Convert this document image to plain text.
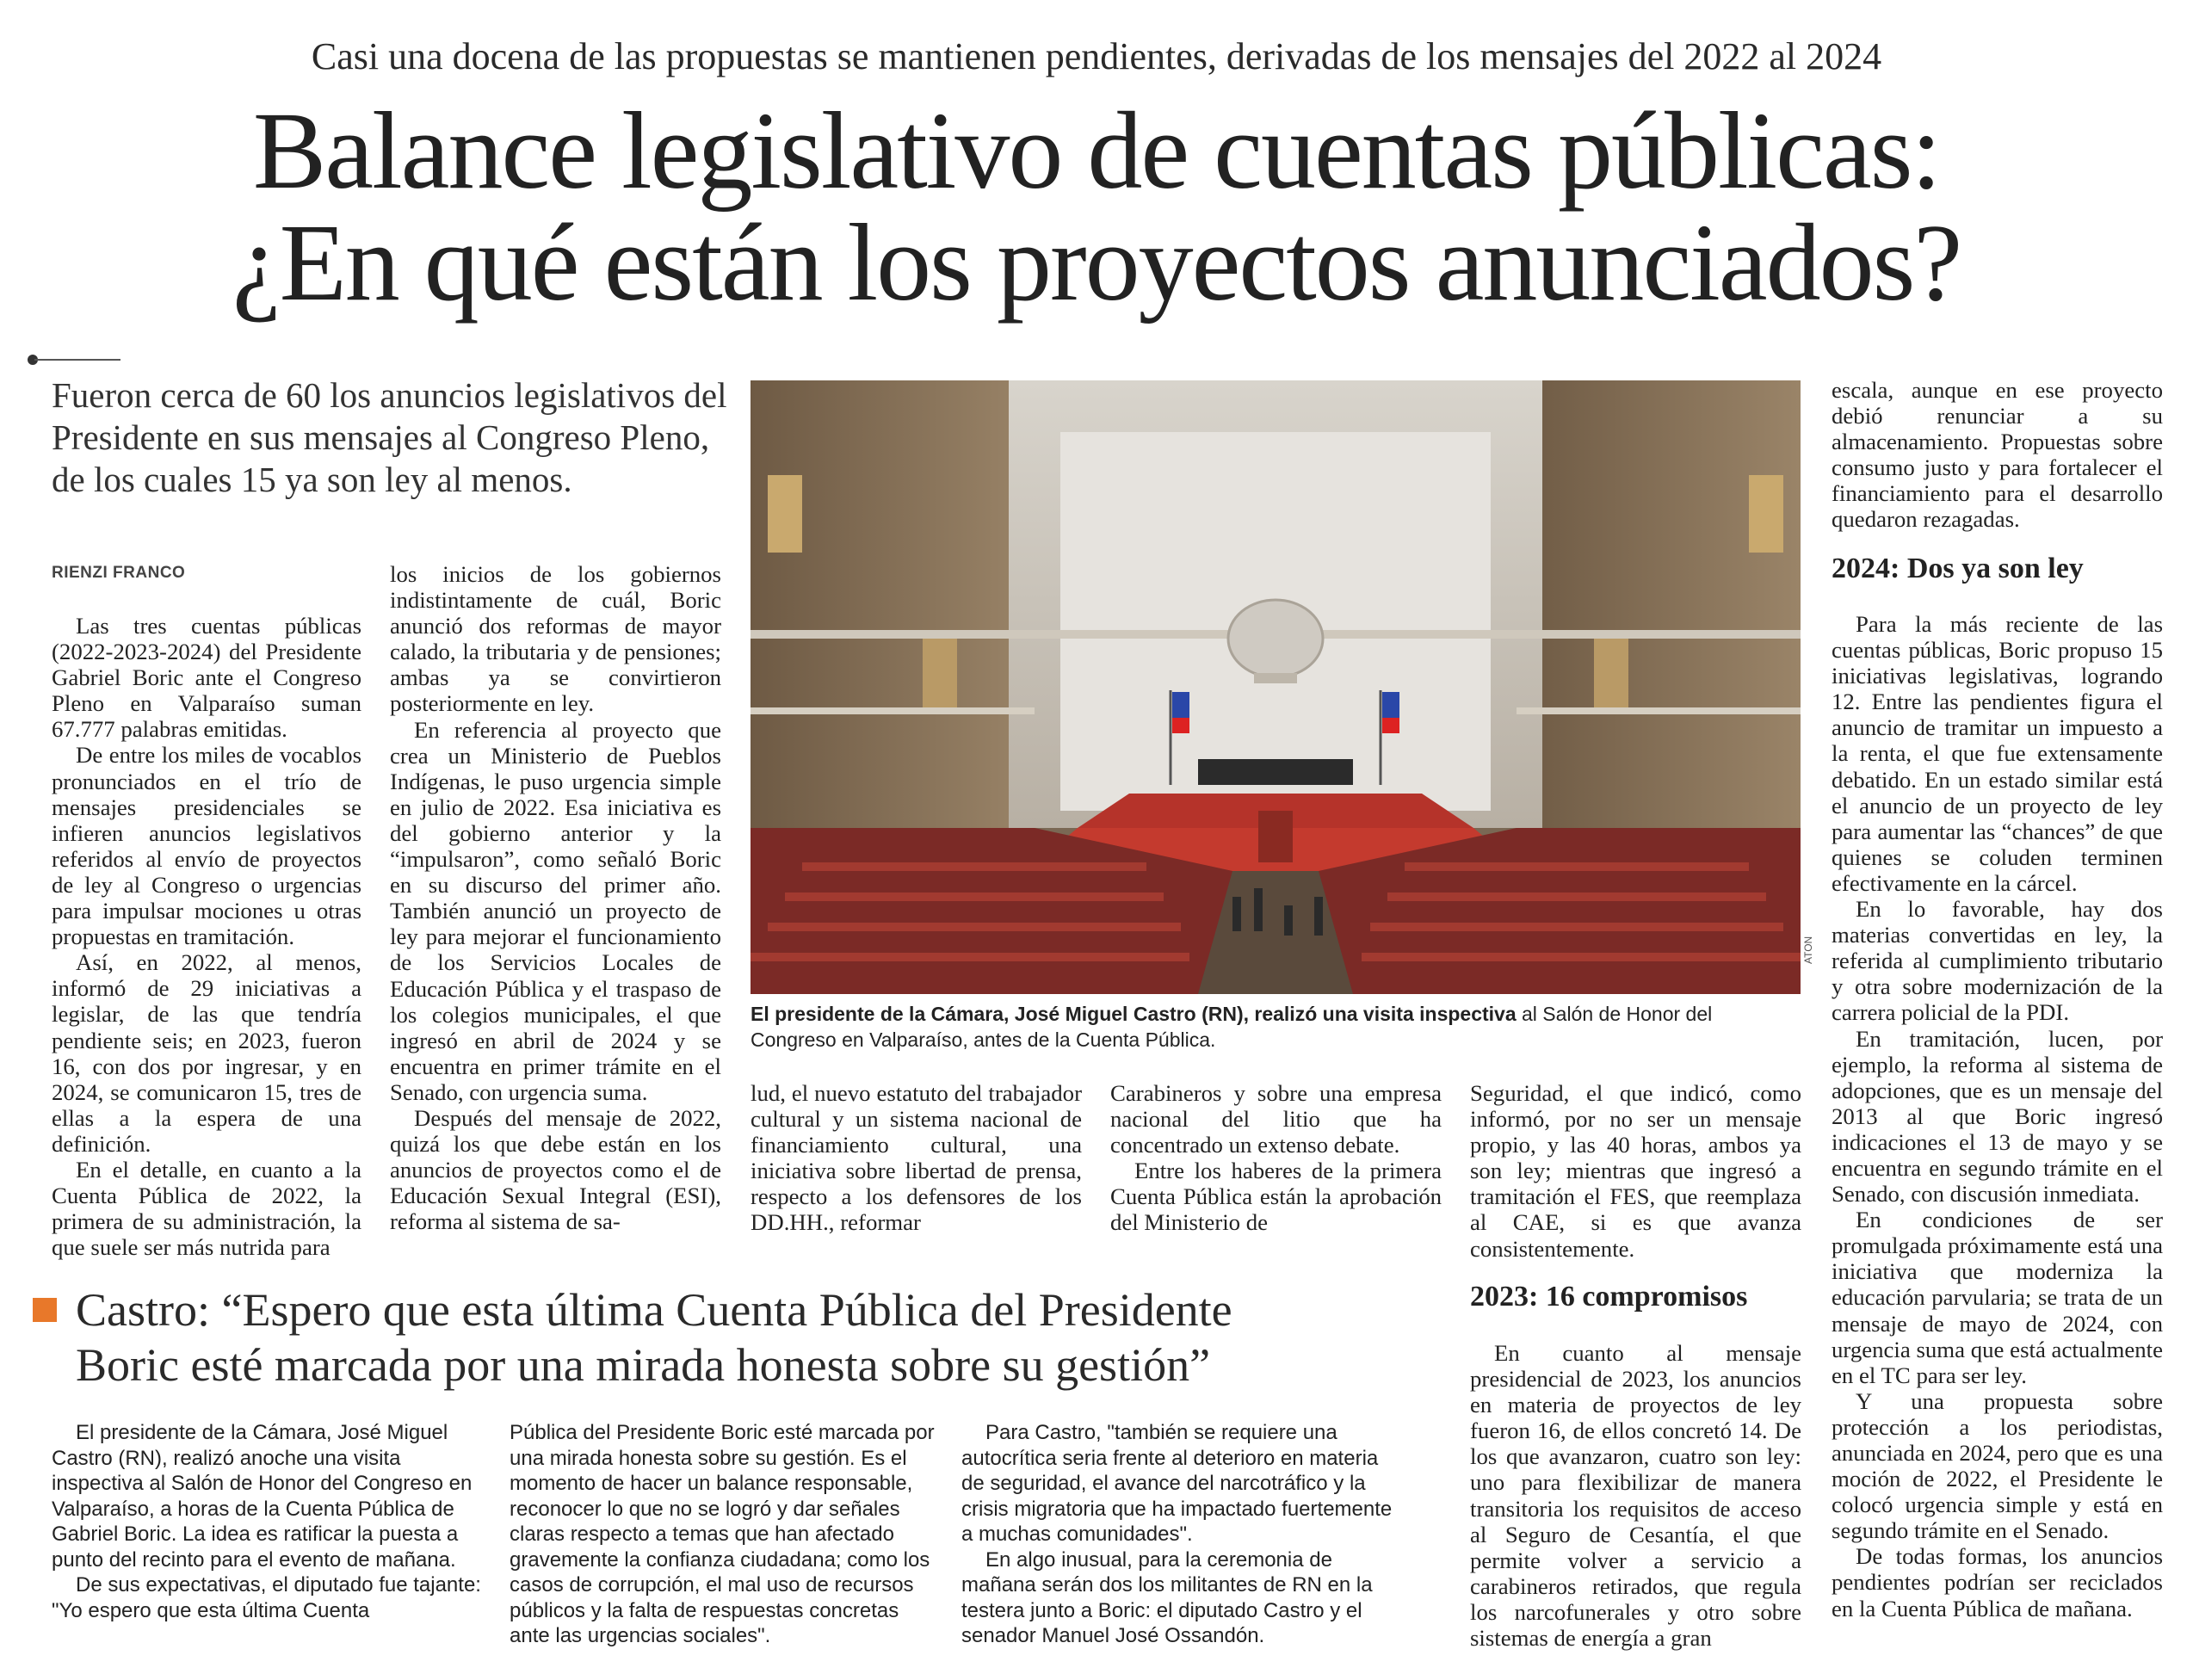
Casi una docena de las propuestas se mantienen pendientes, derivadas de los mensajes del 2022 al 2024
Balance legislativo de cuentas públicas:
¿En qué están los proyectos anunciados?
Fueron cerca de 60 los anuncios legislativos del Presidente en sus mensajes al Congreso Pleno, de los cuales 15 ya son ley al menos.
RIENZI FRANCO

Las tres cuentas públicas (2022-2023-2024) del Presidente Gabriel Boric ante el Congreso Pleno en Valparaíso suman 67.777 palabras emitidas.

De entre los miles de vocablos pronunciados en el trío de mensajes presidenciales se infieren anuncios legislativos referidos al envío de proyectos de ley al Congreso o urgencias para impulsar mociones u otras propuestas en tramitación.

Así, en 2022, al menos, informó de 29 iniciativas a legislar, de las que tendría pendiente seis; en 2023, fueron 16, con dos por ingresar, y en 2024, se comunicaron 15, tres de ellas a la espera de una definición.

En el detalle, en cuanto a la Cuenta Pública de 2022, la primera de su administración, la que suele ser más nutrida para

los inicios de los gobiernos indistintamente de cuál, Boric anunció dos reformas de mayor calado, la tributaria y de pensiones; ambas ya se convirtieron posteriormente en ley.

En referencia al proyecto que crea un Ministerio de Pueblos Indígenas, le puso urgencia simple en julio de 2022. Esa iniciativa es del gobierno anterior y la “impulsaron”, como señaló Boric en su discurso del primer año. También anunció un proyecto de ley para mejorar el funcionamiento de los Servicios Locales de Educación Pública y el traspaso de los colegios municipales, el que ingresó en abril de 2024 y se encuentra en primer trámite en el Senado, con urgencia suma.

Después del mensaje de 2022, quizá los que debe están en los anuncios de proyectos como el de Educación Sexual Integral (ESI), reforma al sistema de sa-

ATON
El presidente de la Cámara, José Miguel Castro (RN), realizó una visita inspectiva al Salón de Honor del Congreso en Valparaíso, antes de la Cuenta Pública.

lud, el nuevo estatuto del trabajador cultural y un sistema nacional de financiamiento cultural, una iniciativa sobre libertad de prensa, respecto a los defensores de los DD.HH., reformar

Carabineros y sobre una empresa nacional del litio que ha concentrado un extenso debate.

Entre los haberes de la primera Cuenta Pública están la aprobación del Ministerio de

Seguridad, el que indicó, como informó, por no ser un mensaje propio, y las 40 horas, ambos ya son ley; mientras que ingresó a tramitación el FES, que reemplaza al CAE, si es que avanza consistentemente.

2023: 16 compromisos

En cuanto al mensaje presidencial de 2023, los anuncios en materia de proyectos de ley fueron 16, de ellos concretó 14. De los que avanzaron, cuatro son ley: uno para flexibilizar de manera transitoria los requisitos de acceso al Seguro de Cesantía, el que permite volver a servicio a carabineros retirados, que regula los narcofunerales y otro sobre sistemas de energía a gran

escala, aunque en ese proyecto debió renunciar a su almacenamiento. Propuestas sobre consumo justo y para fortalecer el financiamiento para el desarrollo quedaron rezagadas.

2024: Dos ya son ley

Para la más reciente de las cuentas públicas, Boric propuso 15 iniciativas legislativas, logrando 12. Entre las pendientes figura el anuncio de tramitar un impuesto a la renta, el que fue extensamente debatido. En un estado similar está el anuncio de un proyecto de ley para aumentar las “chances” de que quienes se coluden terminen efectivamente en la cárcel.

En lo favorable, hay dos materias convertidas en ley, la referida al cumplimiento tributario y otra sobre modernización de la carrera policial de la PDI.

En tramitación, lucen, por ejemplo, la reforma al sistema de adopciones, que es un mensaje del 2013 al que Boric ingresó indicaciones el 13 de mayo y se encuentra en segundo trámite en el Senado, con discusión inmediata.

En condiciones de ser promulgada próximamente está una iniciativa que moderniza la educación parvularia; se trata de un mensaje de mayo de 2024, con urgencia suma que está actualmente en el TC para ser ley.

Y una propuesta sobre protección a los periodistas, anunciada en 2024, pero que es una moción de 2022, el Presidente le colocó urgencia simple y está en segundo trámite en el Senado.

De todas formas, los anuncios pendientes podrían ser reciclados en la Cuenta Pública de mañana.

Castro: “Espero que esta última Cuenta Pública del Presidente
Boric esté marcada por una mirada honesta sobre su gestión”

El presidente de la Cámara, José Miguel Castro (RN), realizó anoche una visita inspectiva al Salón de Honor del Congreso en Valparaíso, a horas de la Cuenta Pública de Gabriel Boric. La idea es ratificar la puesta a punto del recinto para el evento de mañana.

De sus expectativas, el diputado fue tajante: "Yo espero que esta última Cuenta

Pública del Presidente Boric esté marcada por una mirada honesta sobre su gestión. Es el momento de hacer un balance responsable, reconocer lo que no se logró y dar señales claras respecto a temas que han afectado gravemente la confianza ciudadana; como los casos de corrupción, el mal uso de recursos públicos y la falta de respuestas concretas ante las urgencias sociales".

Para Castro, "también se requiere una autocrítica seria frente al deterioro en materia de seguridad, el avance del narcotráfico y la crisis migratoria que ha impactado fuertemente a muchas comunidades".

En algo inusual, para la ceremonia de mañana serán dos los militantes de RN en la testera junto a Boric: el diputado Castro y el senador Manuel José Ossandón.
